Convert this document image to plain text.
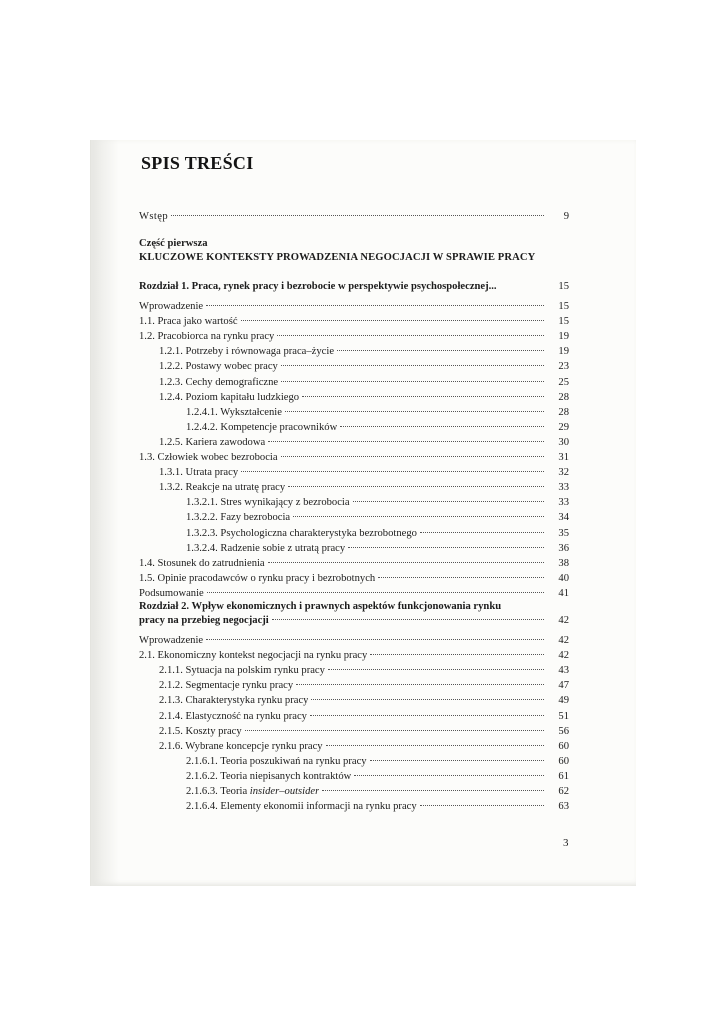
SPIS TREŚCI
Wstęp	9
Część pierwsza
KLUCZOWE KONTEKSTY PROWADZENIA NEGOCJACJI W SPRAWIE PRACY
Rozdział 1. Praca, rynek pracy i bezrobocie w perspektywie psychospołecznej...	15
Wprowadzenie	15
1.1. Praca jako wartość	15
1.2. Pracobiorca na rynku pracy	19
1.2.1. Potrzeby i równowaga praca–życie	19
1.2.2. Postawy wobec pracy	23
1.2.3. Cechy demograficzne	25
1.2.4. Poziom kapitału ludzkiego	28
1.2.4.1. Wykształcenie	28
1.2.4.2. Kompetencje pracowników	29
1.2.5. Kariera zawodowa	30
1.3. Człowiek wobec bezrobocia	31
1.3.1. Utrata pracy	32
1.3.2. Reakcje na utratę pracy	33
1.3.2.1. Stres wynikający z bezrobocia	33
1.3.2.2. Fazy bezrobocia	34
1.3.2.3. Psychologiczna charakterystyka bezrobotnego	35
1.3.2.4. Radzenie sobie z utratą pracy	36
1.4. Stosunek do zatrudnienia	38
1.5. Opinie pracodawców o rynku pracy i bezrobotnych	40
Podsumowanie	41
Rozdział 2. Wpływ ekonomicznych i prawnych aspektów funkcjonowania rynku
pracy na przebieg negocjacji	42
Wprowadzenie	42
2.1. Ekonomiczny kontekst negocjacji na rynku pracy	42
2.1.1. Sytuacja na polskim rynku pracy	43
2.1.2. Segmentacje rynku pracy	47
2.1.3. Charakterystyka rynku pracy	49
2.1.4. Elastyczność na rynku pracy	51
2.1.5. Koszty pracy	56
2.1.6. Wybrane koncepcje rynku pracy	60
2.1.6.1. Teoria poszukiwań na rynku pracy	60
2.1.6.2. Teoria niepisanych kontraktów	61
2.1.6.3. Teoria insider–outsider	62
2.1.6.4. Elementy ekonomii informacji na rynku pracy	63
3
